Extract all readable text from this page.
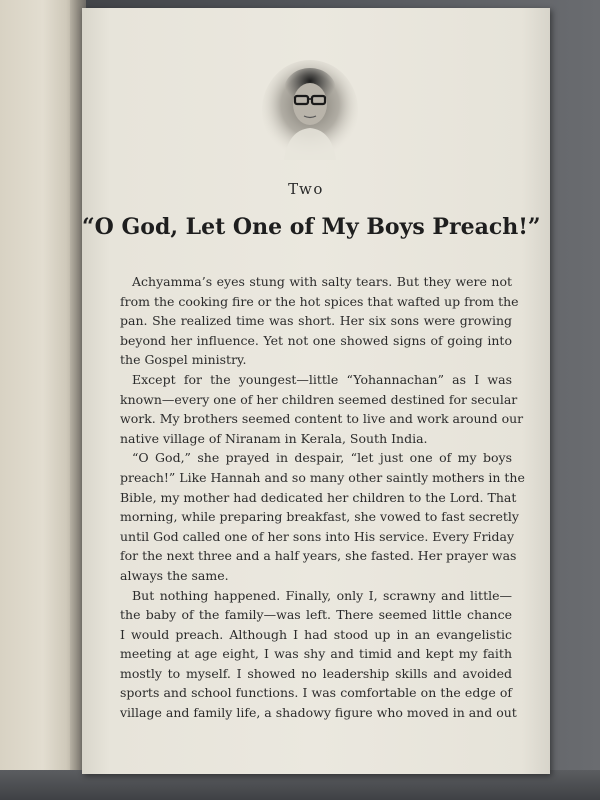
Two
“O God, Let One of My Boys Preach!”
Achyamma’s eyes stung with salty tears. But they were not
from the cooking fire or the hot spices that wafted up from the
pan. She realized time was short. Her six sons were growing
beyond her influence. Yet not one showed signs of going into
the Gospel ministry.
Except for the youngest—little “Yohannachan” as I was
known—every one of her children seemed destined for secular
work. My brothers seemed content to live and work around our
native village of Niranam in Kerala, South India.
“O God,” she prayed in despair, “let just one of my boys
preach!” Like Hannah and so many other saintly mothers in the
Bible, my mother had dedicated her children to the Lord. That
morning, while preparing breakfast, she vowed to fast secretly
until God called one of her sons into His service. Every Friday
for the next three and a half years, she fasted. Her prayer was
always the same.
But nothing happened. Finally, only I, scrawny and little—
the baby of the family—was left. There seemed little chance
I would preach. Although I had stood up in an evangelistic
meeting at age eight, I was shy and timid and kept my faith
mostly to myself. I showed no leadership skills and avoided
sports and school functions. I was comfortable on the edge of
village and family life, a shadowy figure who moved in and out
